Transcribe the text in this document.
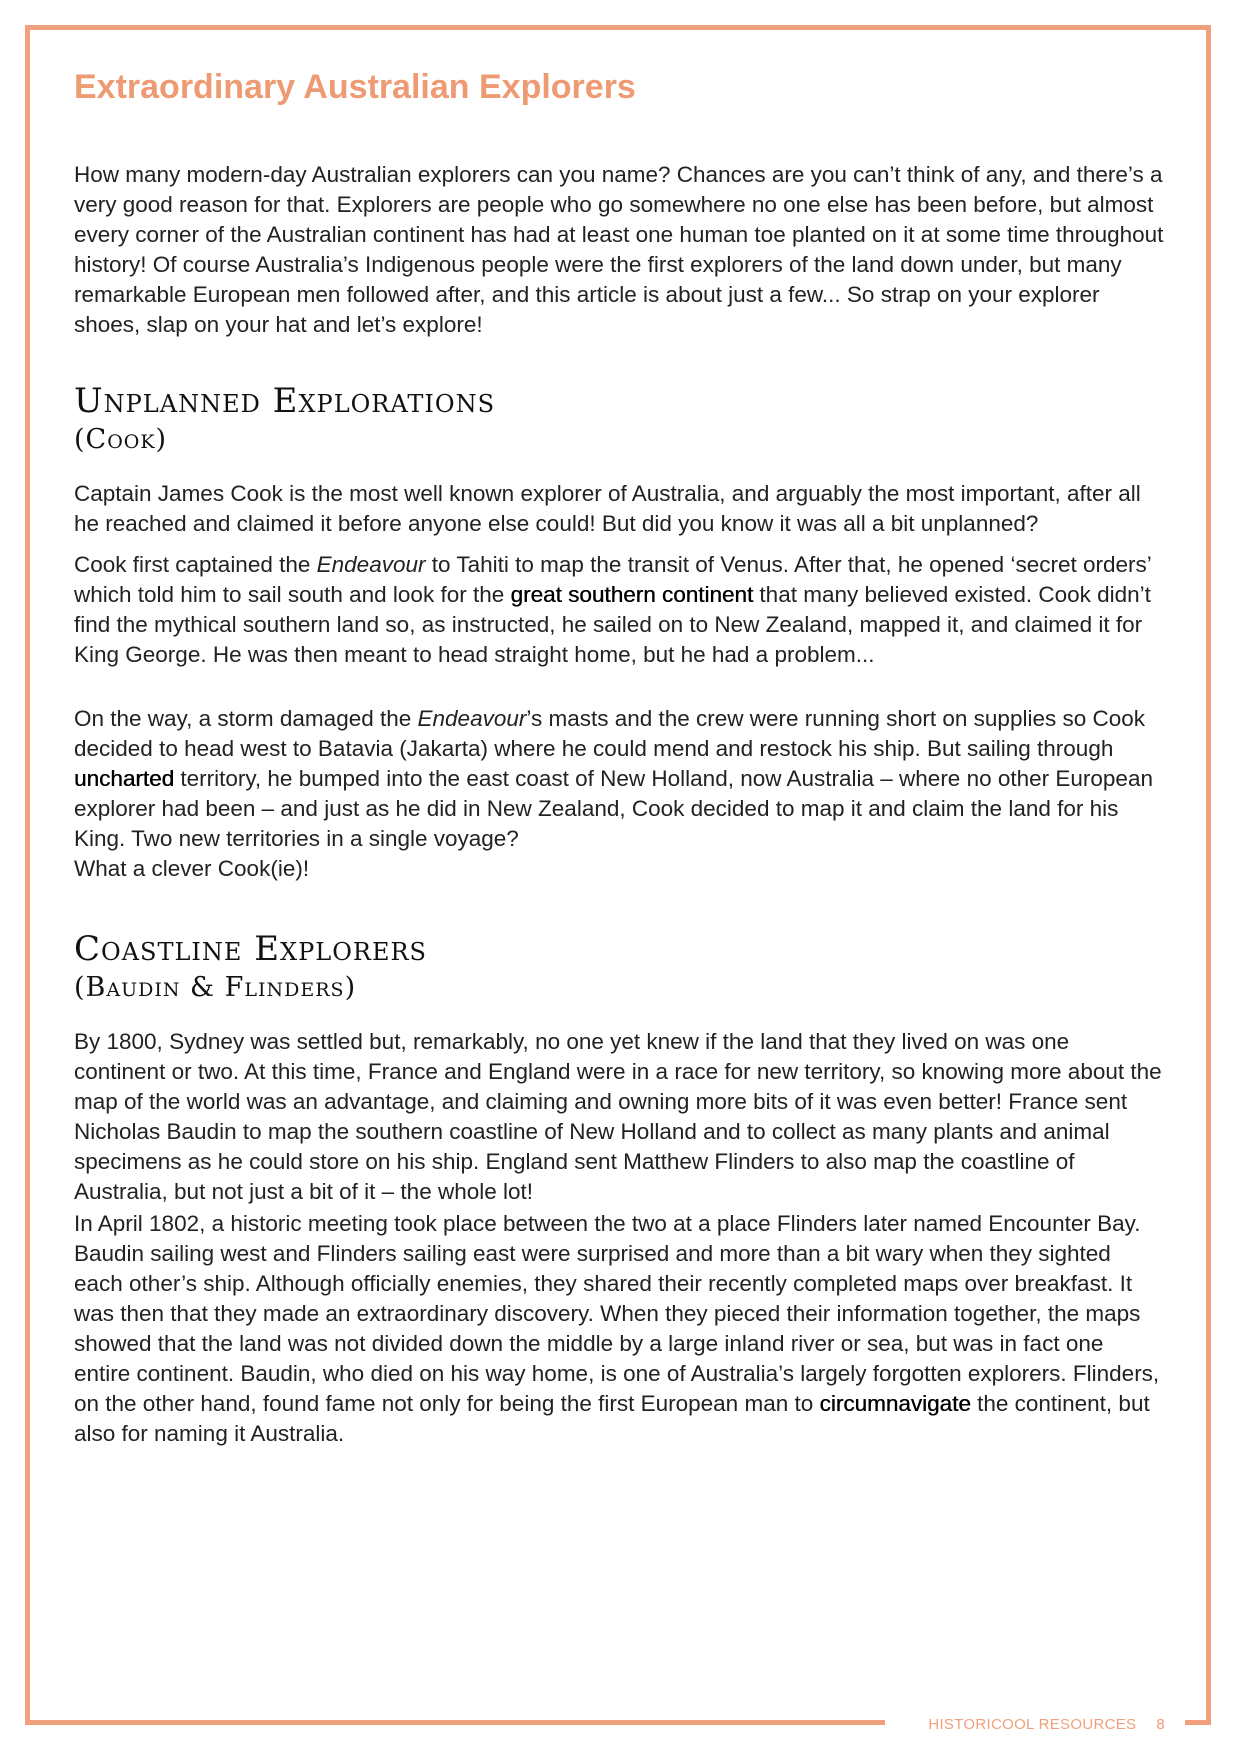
Extraordinary Australian Explorers

How many modern-day Australian explorers can you name? Chances are you can’t think of any, and there’s a very good reason for that. Explorers are people who go somewhere no one else has been before, but almost every corner of the Australian continent has had at least one human toe planted on it at some time throughout history! Of course Australia’s Indigenous people were the first explorers of the land down under, but many remarkable European men followed after, and this article is about just a few... So strap on your explorer shoes, slap on your hat and let’s explore!

Unplanned Explorations
(Cook)

Captain James Cook is the most well known explorer of Australia, and arguably the most important, after all he reached and claimed it before anyone else could! But did you know it was all a bit unplanned?

Cook first captained the Endeavour to Tahiti to map the transit of Venus. After that, he opened ‘secret orders’ which told him to sail south and look for the great southern continent that many believed existed. Cook didn’t find the mythical southern land so, as instructed, he sailed on to New Zealand, mapped it, and claimed it for King George. He was then meant to head straight home, but he had a problem...

On the way, a storm damaged the Endeavour’s masts and the crew were running short on supplies so Cook decided to head west to Batavia (Jakarta) where he could mend and restock his ship. But sailing through uncharted territory, he bumped into the east coast of New Holland, now Australia – where no other European explorer had been – and just as he did in New Zealand, Cook decided to map it and claim the land for his King. Two new territories in a single voyage?
What a clever Cook(ie)!

Coastline Explorers
(Baudin & Flinders)

By 1800, Sydney was settled but, remarkably, no one yet knew if the land that they lived on was one continent or two. At this time, France and England were in a race for new territory, so knowing more about the map of the world was an advantage, and claiming and owning more bits of it was even better! France sent Nicholas Baudin to map the southern coastline of New Holland and to collect as many plants and animal specimens as he could store on his ship. England sent Matthew Flinders to also map the coastline of Australia, but not just a bit of it – the whole lot!

In April 1802, a historic meeting took place between the two at a place Flinders later named Encounter Bay. Baudin sailing west and Flinders sailing east were surprised and more than a bit wary when they sighted each other’s ship. Although officially enemies, they shared their recently completed maps over breakfast. It was then that they made an extraordinary discovery. When they pieced their information together, the maps showed that the land was not divided down the middle by a large inland river or sea, but was in fact one entire continent. Baudin, who died on his way home, is one of Australia’s largely forgotten explorers. Flinders, on the other hand, found fame not only for being the first European man to circumnavigate the continent, but also for naming it Australia.

HISTORICOOL RESOURCES 8
